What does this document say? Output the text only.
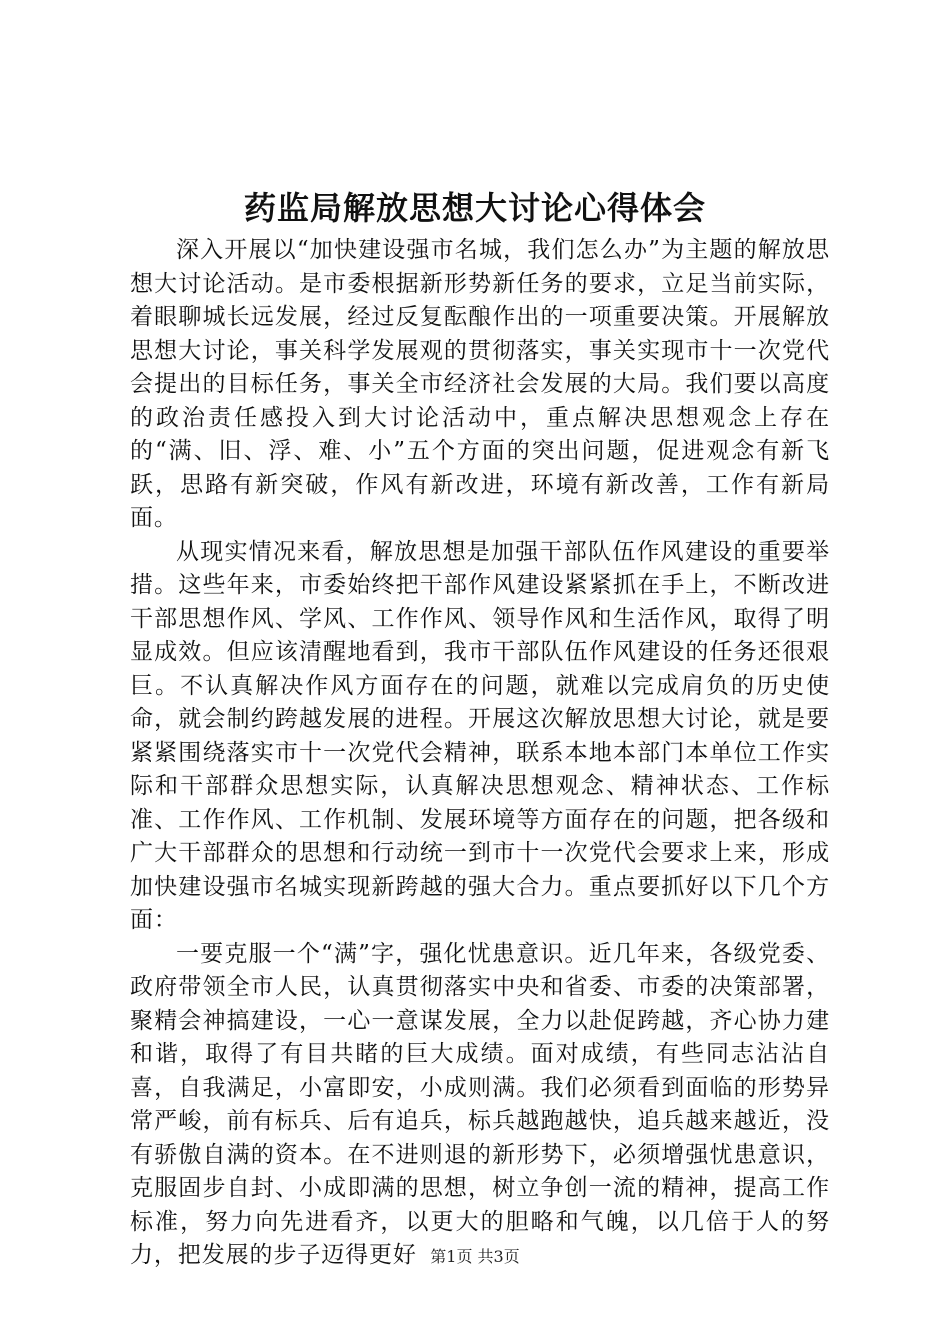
药监局解放思想大讨论心得体会

深入开展以“加快建设强市名城，我们怎么办”为主题的解放思想大讨论活动。是市委根据新形势新任务的要求，立足当前实际，着眼聊城长远发展，经过反复酝酿作出的一项重要决策。开展解放思想大讨论，事关科学发展观的贯彻落实，事关实现市十一次党代会提出的目标任务，事关全市经济社会发展的大局。我们要以高度的政治责任感投入到大讨论活动中，重点解决思想观念上存在的“满、旧、浮、难、小”五个方面的突出问题，促进观念有新飞跃，思路有新突破，作风有新改进，环境有新改善，工作有新局面。

从现实情况来看，解放思想是加强干部队伍作风建设的重要举措。这些年来，市委始终把干部作风建设紧紧抓在手上，不断改进干部思想作风、学风、工作作风、领导作风和生活作风，取得了明显成效。但应该清醒地看到，我市干部队伍作风建设的任务还很艰巨。不认真解决作风方面存在的问题，就难以完成肩负的历史使命，就会制约跨越发展的进程。开展这次解放思想大讨论，就是要紧紧围绕落实市十一次党代会精神，联系本地本部门本单位工作实际和干部群众思想实际，认真解决思想观念、精神状态、工作标准、工作作风、工作机制、发展环境等方面存在的问题，把各级和广大干部群众的思想和行动统一到市十一次党代会要求上来，形成加快建设强市名城实现新跨越的强大合力。重点要抓好以下几个方面：

一要克服一个“满”字，强化忧患意识。近几年来，各级党委、政府带领全市人民，认真贯彻落实中央和省委、市委的决策部署，聚精会神搞建设，一心一意谋发展，全力以赴促跨越，齐心协力建和谐，取得了有目共睹的巨大成绩。面对成绩，有些同志沾沾自喜，自我满足，小富即安，小成则满。我们必须看到面临的形势异常严峻，前有标兵、后有追兵，标兵越跑越快，追兵越来越近，没有骄傲自满的资本。在不进则退的新形势下，必须增强忧患意识，克服固步自封、小成即满的思想，树立争创一流的精神，提高工作标准，努力向先进看齐，以更大的胆略和气魄，以几倍于人的努力，把发展的步子迈得更好 第1页 共3页
